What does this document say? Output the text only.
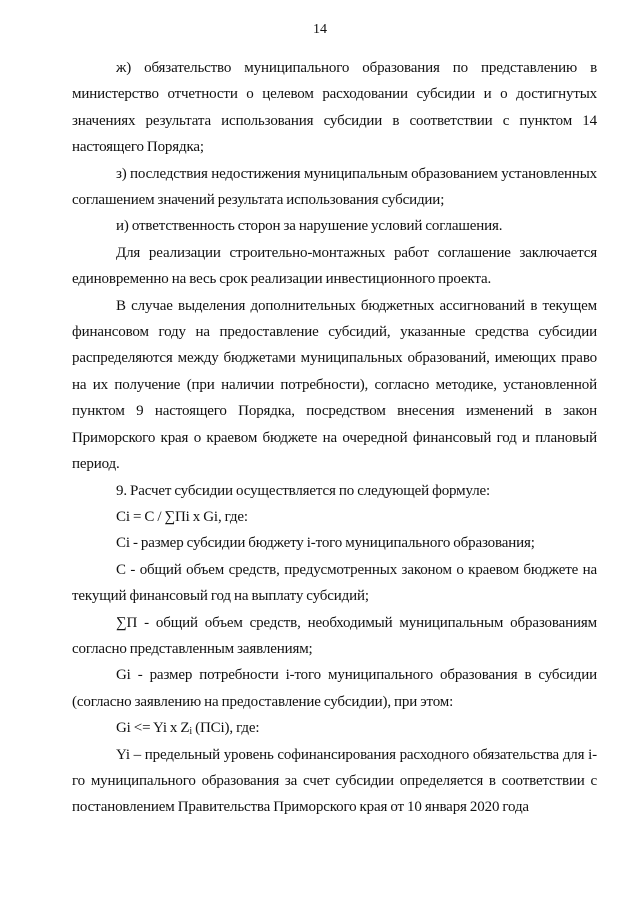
14

ж) обязательство муниципального образования по представлению в министерство отчетности о целевом расходовании субсидии и о достигнутых значениях результата использования субсидии в соответствии с пунктом 14 настоящего Порядка;

з) последствия недостижения муниципальным образованием установленных соглашением значений результата использования субсидии;

и) ответственность сторон за нарушение условий соглашения.

Для реализации строительно-монтажных работ соглашение заключается единовременно на весь срок реализации инвестиционного проекта.

В случае выделения дополнительных бюджетных ассигнований в текущем финансовом году на предоставление субсидий, указанные средства субсидии распределяются между бюджетами муниципальных образований, имеющих право на их получение (при наличии потребности), согласно методике, установленной пунктом 9 настоящего Порядка, посредством внесения изменений в закон Приморского края о краевом бюджете на очередной финансовый год и плановый период.

9. Расчет субсидии осуществляется по следующей формуле:

Ci = C / ∑Пi x Gi, где:

Ci - размер субсидии бюджету i-того муниципального образования;

С - общий объем средств, предусмотренных законом о краевом бюджете на текущий финансовый год на выплату субсидий;

∑П - общий объем средств, необходимый муниципальным образованиям согласно представленным заявлениям;

Gi - размер потребности i-того муниципального образования в субсидии (согласно заявлению на предоставление субсидии), при этом:

Gi <= Yi x $Z_i$ (ПCi), где:

Yi – предельный уровень софинансирования расходного обязательства для i-го муниципального образования за счет субсидии определяется в соответствии с постановлением Правительства Приморского края от 10 января 2020 года
